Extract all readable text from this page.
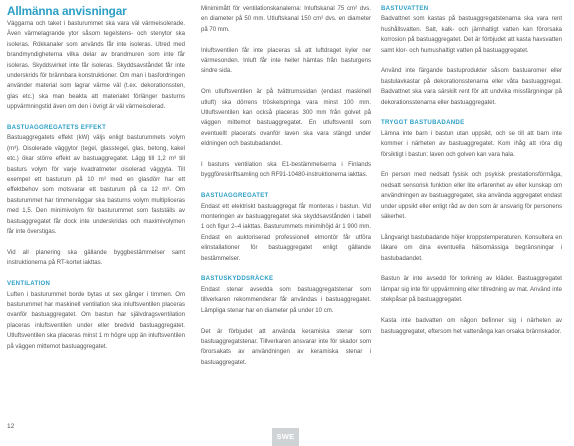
Allmänna anvisningar

Väggarna och taket i basturummet ska vara väl värmeisolerade. Även värmelagrande ytor såsom tegelstens- och stenytor ska isoleras. Rökkanaler som används får inte isoleras. Utred med brandmyndigheterna vilka delar av brandmuren som inte får isoleras. Skyddsvirket inte får isoleras. Skyddsavståndet får inte underskrids för brännbara konstruktioner. Om man i basfordringen använder material som lagrar värme väl (t.ex. dekorationssten, glas etc.) ska man beakta att materialet förlänger basturns uppvärmningstid även om den i övrigt är väl värmeisolerad.

BASTUAGGREGATETS EFFEKT

Bastuaggregatets effekt (kW) väljs enligt basturummets volym (m³). Oisolerade väggytor (tegel, glasstegel, glas, betong, kakel etc.) ökar större effekt av bastuaggregatet. Lägg till 1,2 m³ till basturs volym för varje kvadratmeter oisolerad väggyta. Till exempel ett basturum på 10 m³ med en glasdörr har ett effektbehov som motsvarar ett basturum på ca 12 m³. Om basturummet har timmerväggar ska basturns volym multipliceras med 1,5. Den minimivolym för basturummet som fastställs av bastuaggregatet får dock inte underskridas och maximivolymen får inte överstigas.

Vid all planering ska gällande byggbestämmelser samt instruktionerna på RT-kortet iakttas.

VENTILATION

Luften i basturummet borde bytas ut sex gånger i timmen. Om basturummet har maskinell ventilation ska inluftsventilen placeras ovanför bastuaggregatet. Om bastun har självdragsventilation placeras inluftsventilen under eller bredvid bastuaggregatet. Utluftsventilen ska placeras minst 1 m högre upp än inluftsventilen på väggen mittemot bastuaggregatet.

Minimimått för ventilationskanalerna: Inluftskanal 75 cm² dvs. en diameter på 50 mm. Utluftskanal 150 cm² dvs. en diameter på 70 mm.

Inluftsventilen får inte placeras så att luftdraget kyler ner värmesonden. Inluft får inte heller hämtas från basturgens sindre sida.

Om utluftsventilen är på tvättrumssidan (endast maskinell utluft) ska dörrens tröskelspringa vara minst 100 mm. Utluftsventilen kan också placeras 300 mm från golvet på väggen mittemot bastuaggregatet. En utluftsventil som eventuellt placerats ovanför laven ska vara stängd under eldningen och bastubadandet.

I bastuns ventilation ska E1-bestämmelserna i Finlands byggföreskriftsamling och RF91-10480-instruktionerna iakttas.

BASTUAGGREGATET

Endast ett elektriskt bastuaggregat får monteras i bastun. Vid monteringen av bastuaggregatet ska skyddsavstånden i tabell 1 och figur 2–4 iakttas. Basturummets minimihöjd är 1 900 mm. Endast en auktoriserad professionell elmontör får utföra elinstallationer för bastuaggregatet enligt gällande bestämmelser.

BASTUSKYDDSRÄCKE

Endast stenar avsedda som bastuaggregatstenar som tillverkaren rekommenderar får användas i bastuaggregatet. Lämpliga stenar har en diameter på under 10 cm.

Det är förbjudet att använda keramiska stenar som bastuaggregatstenar. Tillverkaren ansvarar inte för skador som förorsakats av användningen av keramiska stenar i bastuaggregatet.

BASTUVATTEN

Badvattnet som kastas på bastuaggregatstenarna ska vara rent hushållsvatten. Salt, kalk- och järnhaltigt vatten kan förorsaka korrosion på bastuaggregatet. Det är förbjudet att kasta havsvatten samt klor- och humushaltigt vatten på bastuaggregatet.

Använd inte färgande bastuprodukter såsom bastuaromer eller bastulavkastar på dekorationsstenarna eller våta bastuaggregat. Badvattnet ska vara särskilt rent för att undvika missfärgningar på dekorationsstenarna eller bastuaggregatet.

TRYGGT BASTUBADANDE

Lämna inte barn i bastun utan uppsikt, och se till att barn inte kommer i närheten av bastuaggregatet. Kom ihåg att röra dig försiktigt i bastun: laven och golven kan vara hala.

En person med nedsatt fysisk och psykisk prestationsförmåga, nedsatt sensorisk funktion eller lite erfarenhet av eller kunskap om användningen av bastuaggregatet, ska använda aggregatet endast under uppsikt eller enligt råd av den som är ansvarig för personens säkerhet.

Långvarigt bastubadande höjer kroppstemperaturen. Konsultera en läkare om dina eventuella hälsomässiga begränsningar i bastubadandet.

Bastun är inte avsedd för torkning av kläder. Bastuaggregatet lämpar sig inte för uppvärmning eller tillredning av mat. Använd inte stekpåsar på bastuaggregatet.

Kasta inte badvatten om någon befinner sig i närheten av bastuaggregatet, eftersom het vattenånga kan orsaka brännskador.

12
SWE
